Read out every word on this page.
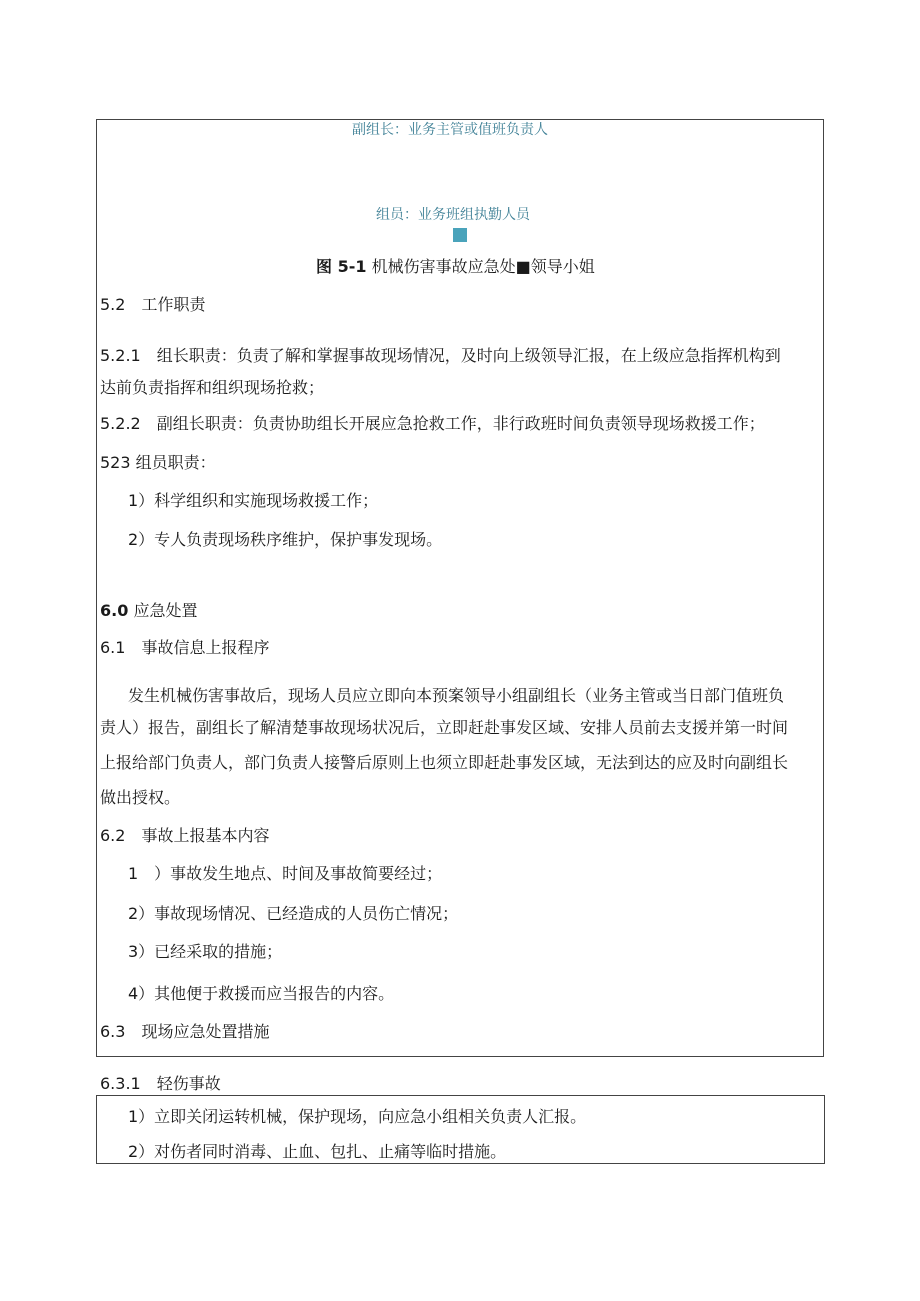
副组长：业务主管或值班负责人
组员：业务班组执勤人员
图 5-1 机械伤害事故应急处■领导小姐
5.2　工作职责
5.2.1　组长职责：负责了解和掌握事故现场情况，及时向上级领导汇报，在上级应急指挥机构到
达前负责指挥和组织现场抢救；
5.2.2　副组长职责：负责协助组长开展应急抢救工作，非行政班时间负责领导现场救援工作；
523 组员职责：
1）科学组织和实施现场救援工作；
2）专人负责现场秩序维护，保护事发现场。
6.0 应急处置
6.1　事故信息上报程序
发生机械伤害事故后，现场人员应立即向本预案领导小组副组长（业务主管或当日部门值班负
责人）报告，副组长了解清楚事故现场状况后，立即赶赴事发区域、安排人员前去支援并第一时间
上报给部门负责人，部门负责人接警后原则上也须立即赶赴事发区域，无法到达的应及时向副组长
做出授权。
6.2　事故上报基本内容
1　）事故发生地点、时间及事故简要经过；
2）事故现场情况、已经造成的人员伤亡情况；
3）已经采取的措施；
4）其他便于救援而应当报告的内容。
6.3　现场应急处置措施
6.3.1　轻伤事故
1）立即关闭运转机械，保护现场，向应急小组相关负责人汇报。
2）对伤者同时消毒、止血、包扎、止痛等临时措施。
